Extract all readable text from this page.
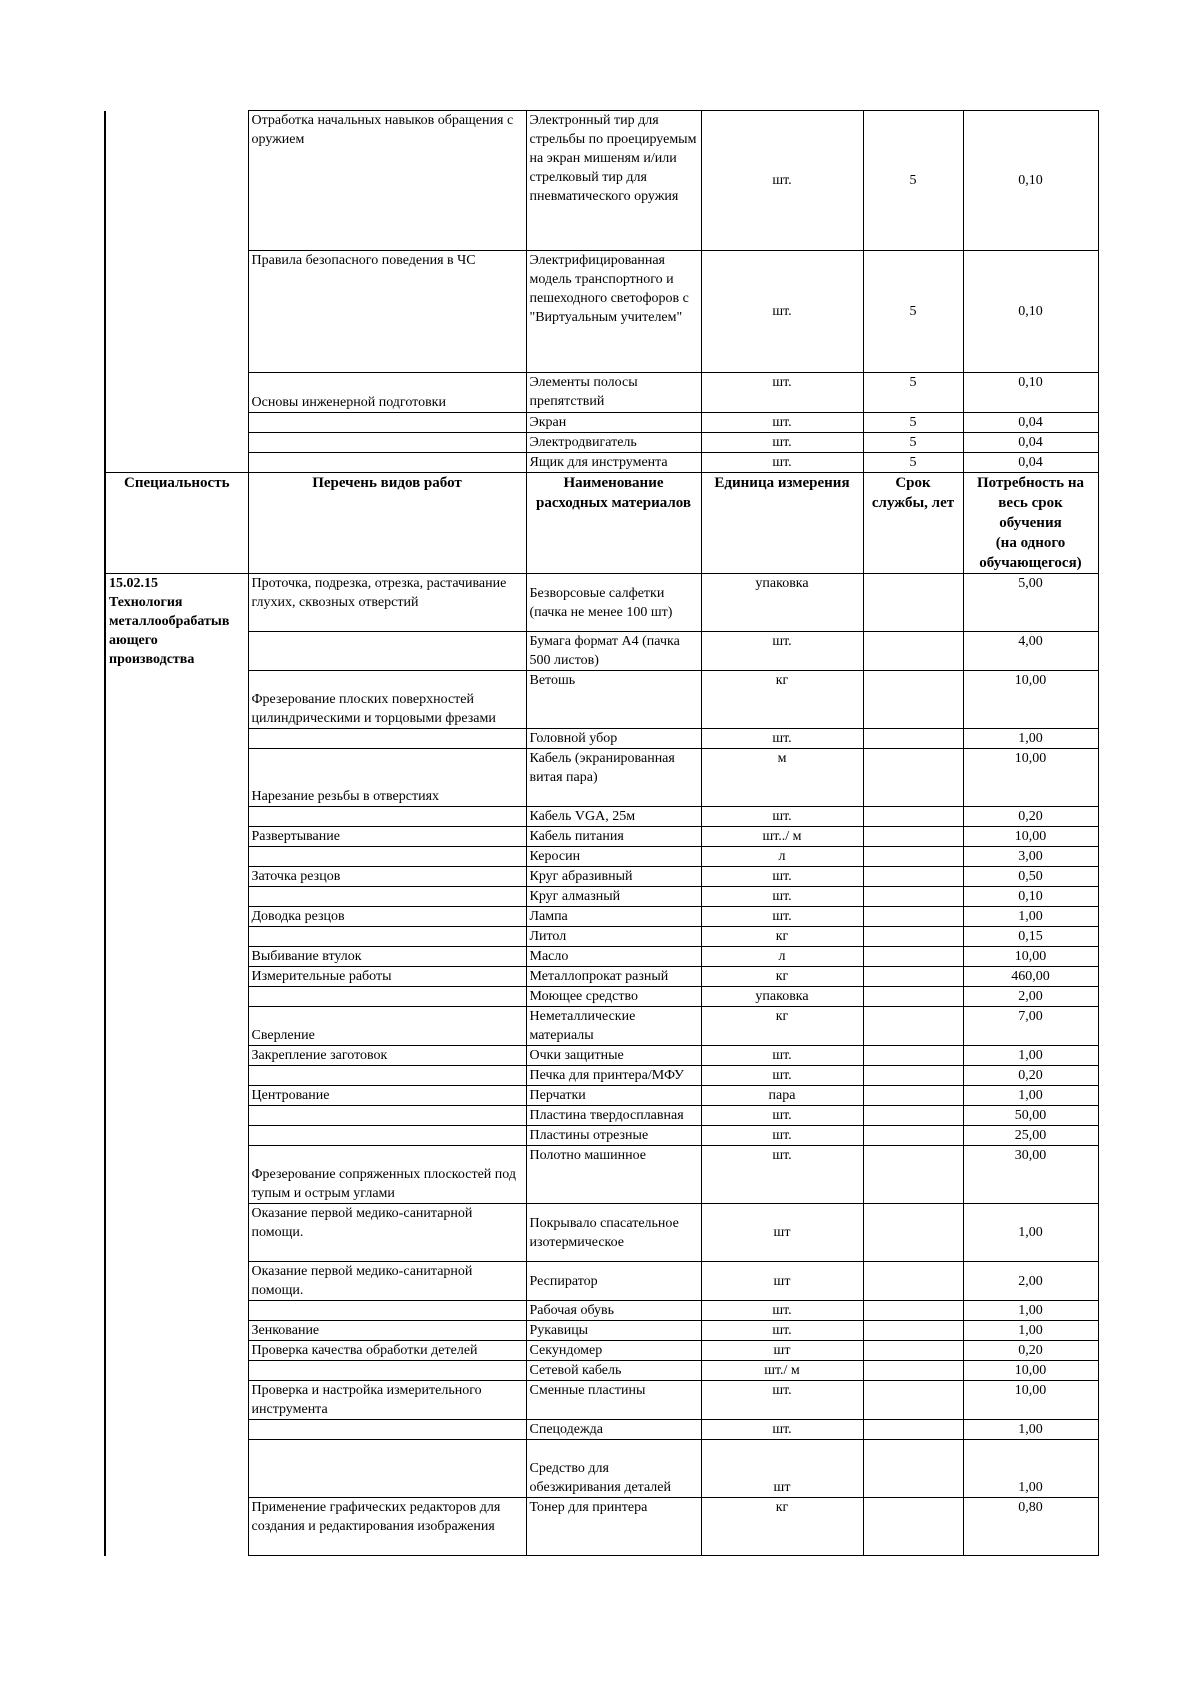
	Отработка начальных навыков обращения с оружием	Электронный тир для стрельбы по проецируемым на экран мишеням и/или стрелковый тир для пневматического оружия	шт.	5	0,10
	Правила безопасного поведения в ЧС	Электрифицированная модель транспортного и пешеходного светофоров с "Виртуальным учителем"	шт.	5	0,10
	Основы инженерной подготовки	Элементы полосы препятствий	шт.	5	0,10
		Экран	шт.	5	0,04
		Электродвигатель	шт.	5	0,04
		Ящик для инструмента	шт.	5	0,04
Специальность	Перечень видов работ	Наименование расходных материалов	Единица измерения	Срок службы, лет	Потребность на
весь срок
обучения
(на одного
обучающегося)

15.02.15
Технология
металлообрабатыв
ающего
производства	Проточка, подрезка, отрезка, растачивание глухих, сквозных отверстий	Безворсовые салфетки (пачка не менее 100 шт)	упаковка		5,00
		Бумага формат А4 (пачка 500 листов)	шт.		4,00
	Фрезерование плоских поверхностей цилиндрическими и торцовыми фрезами	Ветошь	кг		10,00
		Головной убор	шт.		1,00
	Нарезание резьбы в отверстиях	Кабель (экранированная витая пара)	м		10,00
		Кабель VGA, 25м	шт.		0,20
	Развертывание	Кабель питания	шт../ м		10,00
		Керосин	л		3,00
	Заточка резцов	Круг абразивный	шт.		0,50
		Круг алмазный	шт.		0,10
	Доводка резцов	Лампа	шт.		1,00
		Литол	кг		0,15
	Выбивание втулок	Масло	л		10,00
	Измерительные работы	Металлопрокат разный	кг		460,00
		Моющее средство	упаковка		2,00
	Сверление	Неметаллические материалы	кг		7,00
	Закрепление заготовок	Очки защитные	шт.		1,00
		Печка для принтера/МФУ	шт.		0,20
	Центрование	Перчатки	пара		1,00
		Пластина твердосплавная	шт.		50,00
		Пластины отрезные	шт.		25,00
	Фрезерование сопряженных плоскостей под тупым и острым углами	Полотно машинное	шт.		30,00
	Оказание первой медико-санитарной помощи.	Покрывало спасательное изотермическое	шт		1,00
	Оказание первой медико-санитарной помощи.	Респиратор	шт		2,00
		Рабочая обувь	шт.		1,00
	Зенкование	Рукавицы	шт.		1,00
	Проверка качества обработки детелей	Секундомер	шт		0,20
		Сетевой кабель	шт./ м		10,00
	Проверка и настройка измерительного инструмента	Сменные пластины	шт.		10,00
		Спецодежда	шт.		1,00
		Средство для обезжиривания деталей	шт		1,00
	Применение графических редакторов для создания и редактирования изображения	Тонер для принтера	кг		0,80
